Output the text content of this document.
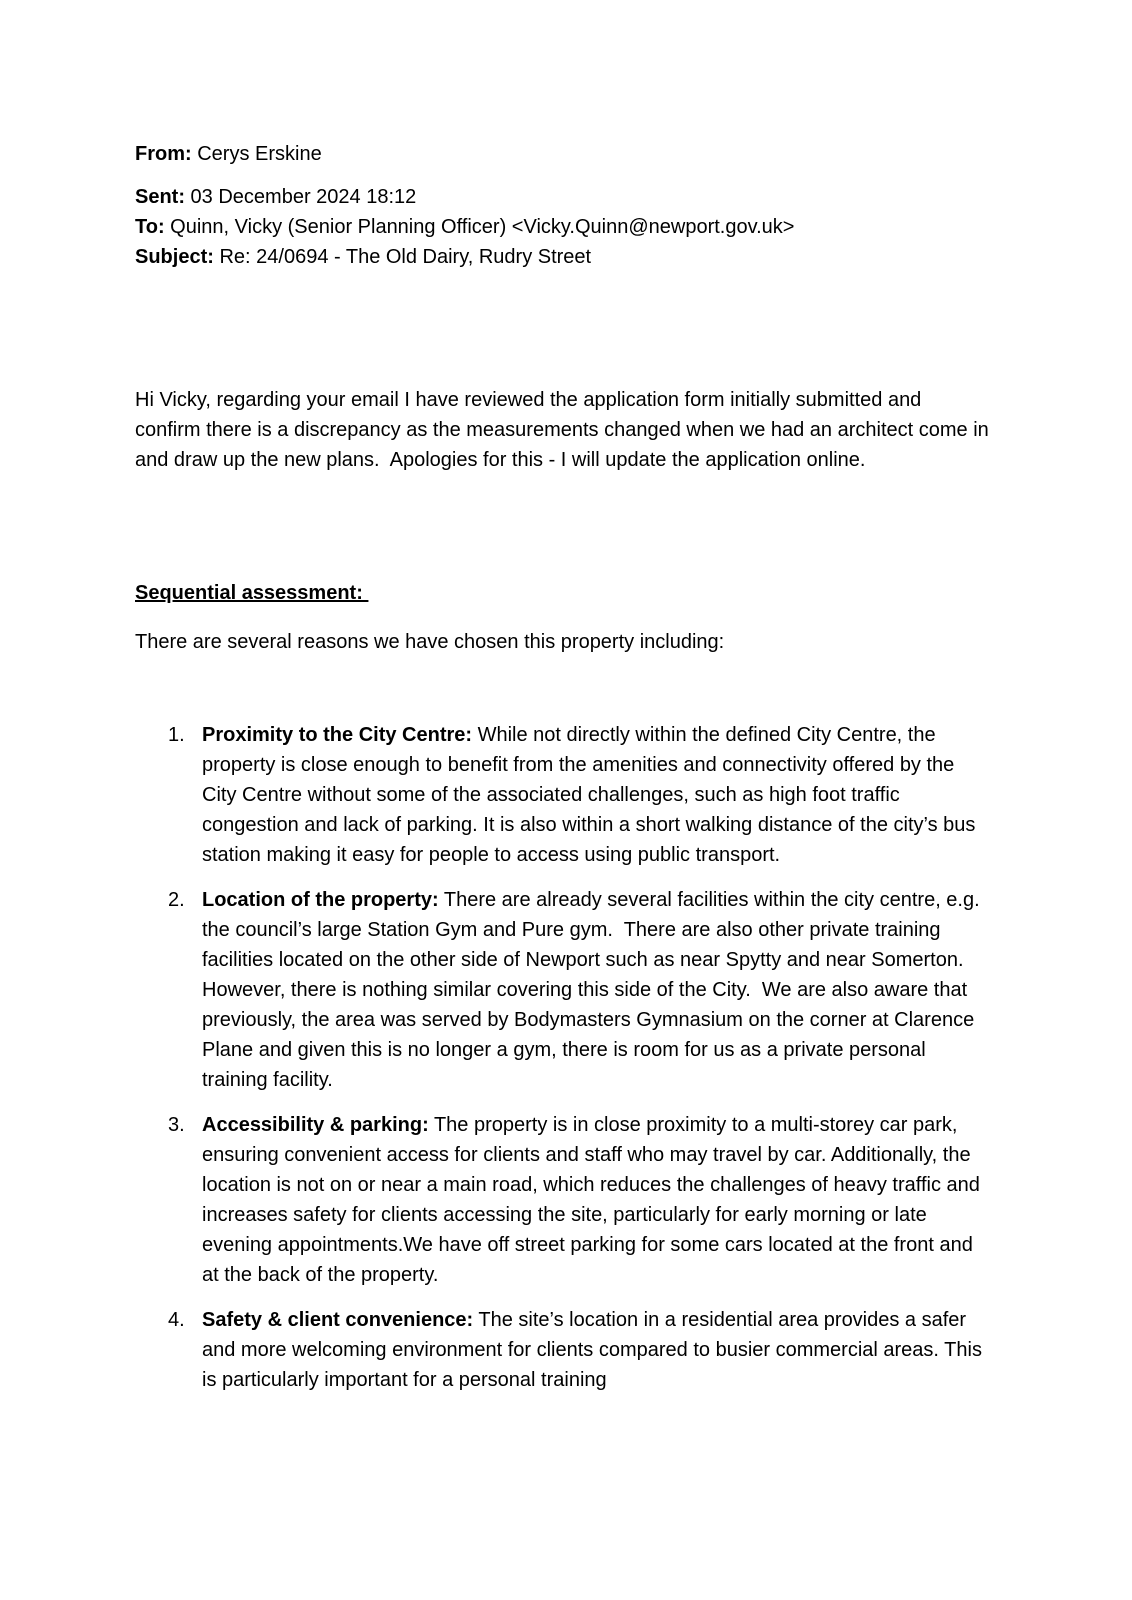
From: Cerys Erskine
Sent: 03 December 2024 18:12
To: Quinn, Vicky (Senior Planning Officer) <Vicky.Quinn@newport.gov.uk>
Subject: Re: 24/0694 - The Old Dairy, Rudry Street

Hi Vicky, regarding your email I have reviewed the application form initially submitted and confirm there is a discrepancy as the measurements changed when we had an architect come in and draw up the new plans.  Apologies for this - I will update the application online.

Sequential assessment:

There are several reasons we have chosen this property including:

1. Proximity to the City Centre: While not directly within the defined City Centre, the property is close enough to benefit from the amenities and connectivity offered by the City Centre without some of the associated challenges, such as high foot traffic congestion and lack of parking. It is also within a short walking distance of the city’s bus station making it easy for people to access using public transport.
2. Location of the property: There are already several facilities within the city centre, e.g. the council’s large Station Gym and Pure gym.  There are also other private training facilities located on the other side of Newport such as near Spytty and near Somerton. However, there is nothing similar covering this side of the City.  We are also aware that previously, the area was served by Bodymasters Gymnasium on the corner at Clarence Plane and given this is no longer a gym, there is room for us as a private personal training facility.
3. Accessibility & parking: The property is in close proximity to a multi-storey car park, ensuring convenient access for clients and staff who may travel by car. Additionally, the location is not on or near a main road, which reduces the challenges of heavy traffic and increases safety for clients accessing the site, particularly for early morning or late evening appointments.We have off street parking for some cars located at the front and at the back of the property.
4. Safety & client convenience: The site’s location in a residential area provides a safer and more welcoming environment for clients compared to busier commercial areas. This is particularly important for a personal training
